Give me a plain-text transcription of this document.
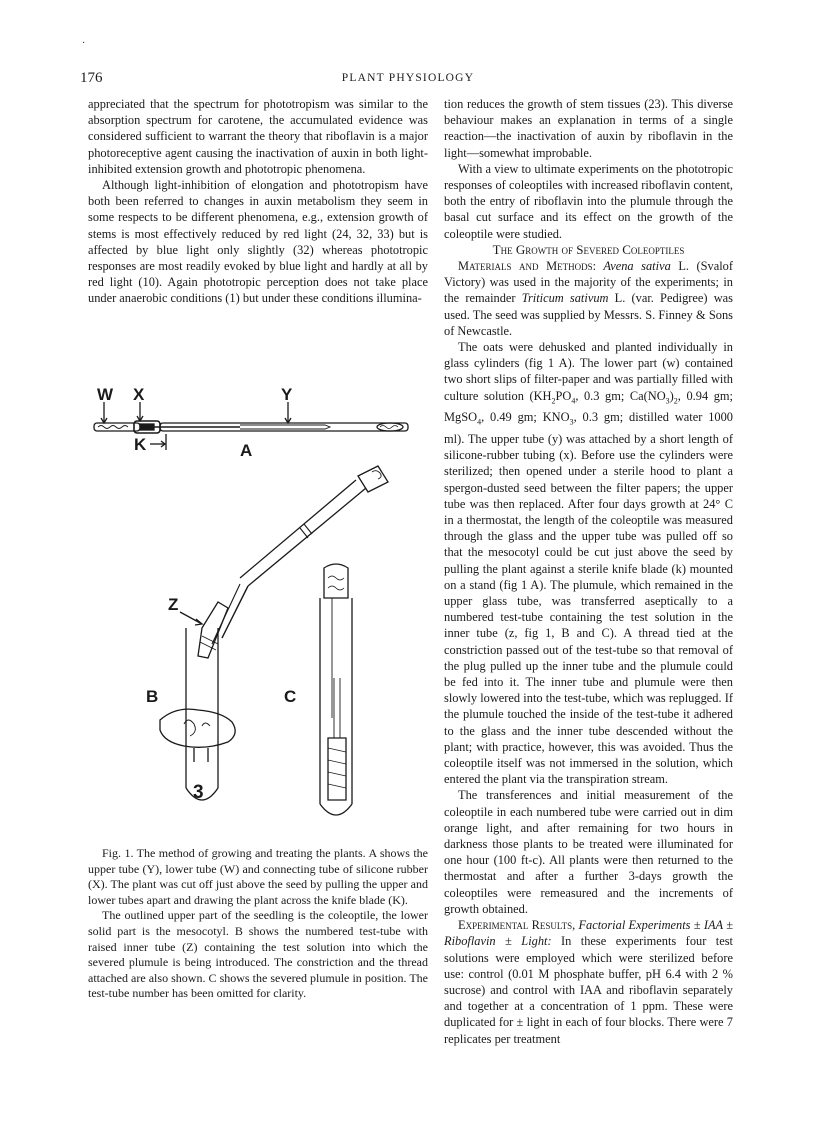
·
176	PLANT PHYSIOLOGY

appreciated that the spectrum for phototropism was similar to the absorption spectrum for carotene, the accumulated evidence was considered sufficient to warrant the theory that riboflavin is a major photoreceptive agent causing the inactivation of auxin in both light-inhibited extension growth and phototropic phenomena.

Although light-inhibition of elongation and phototropism have both been referred to changes in auxin metabolism they seem in some respects to be different phenomena, e.g., extension growth of stems is most effectively reduced by red light (24, 32, 33) but is affected by blue light only slightly (32) whereas phototropic responses are most readily evoked by blue light and hardly at all by red light (10). Again phototropic perception does not take place under anaerobic conditions (1) but under these conditions illumina-

W X	Y
K	A
Z
B	C
3

Fig. 1. The method of growing and treating the plants. A shows the upper tube (Y), lower tube (W) and connecting tube of silicone rubber (X). The plant was cut off just above the seed by pulling the upper and lower tubes apart and drawing the plant across the knife blade (K).

The outlined upper part of the seedling is the coleoptile, the lower solid part is the mesocotyl. B shows the numbered test-tube with raised inner tube (Z) containing the test solution into which the severed plumule is being introduced. The constriction and the thread attached are also shown. C shows the severed plumule in position. The test-tube number has been omitted for clarity.

tion reduces the growth of stem tissues (23). This diverse behaviour makes an explanation in terms of a single reaction—the inactivation of auxin by riboflavin in the light—somewhat improbable.

With a view to ultimate experiments on the phototropic responses of coleoptiles with increased riboflavin content, both the entry of riboflavin into the plumule through the basal cut surface and its effect on the growth of the coleoptile were studied.

The Growth of Severed Coleoptiles

Materials and Methods: Avena sativa L. (Svalof Victory) was used in the majority of the experiments; in the remainder Triticum sativum L. (var. Pedigree) was used. The seed was supplied by Messrs. S. Finney & Sons of Newcastle.

The oats were dehusked and planted individually in glass cylinders (fig 1 A). The lower part (w) contained two short slips of filter-paper and was partially filled with culture solution ($KH_2PO_4$, 0.3 gm; $Ca(NO_3)_2$, 0.94 gm; MgSO$_4$, 0.49 gm; $KNO_3$, 0.3 gm; distilled water 1000 ml). The upper tube (y) was attached by a short length of silicone-rubber tubing (x). Before use the cylinders were sterilized; then opened under a sterile hood to plant a spergon-dusted seed between the filter papers; the upper tube was then replaced. After four days growth at 24° C in a thermostat, the length of the coleoptile was measured through the glass and the upper tube was pulled off so that the mesocotyl could be cut just above the seed by pulling the plant against a sterile knife blade (k) mounted on a stand (fig 1 A). The plumule, which remained in the upper glass tube, was transferred aseptically to a numbered test-tube containing the test solution in the inner tube (z, fig 1, B and C). A thread tied at the constriction passed out of the test-tube so that removal of the plug pulled up the inner tube and the plumule could be fed into it. The inner tube and plumule were then slowly lowered into the test-tube, which was replugged. If the plumule touched the inside of the test-tube it adhered to the glass and the inner tube descended without the plant; with practice, however, this was avoided. Thus the coleoptile itself was not immersed in the solution, which entered the plant via the transpiration stream.

The transferences and initial measurement of the coleoptile in each numbered tube were carried out in dim orange light, and after remaining for two hours in darkness those plants to be treated were illuminated for one hour (100 ft-c). All plants were then returned to the thermostat and after a further 3-days growth the coleoptiles were remeasured and the increments of growth obtained.

Experimental Results, Factorial Experiments ± IAA ± Riboflavin ± Light: In these experiments four test solutions were employed which were sterilized before use: control (0.01 M phosphate buffer, pH 6.4 with 2 % sucrose) and control with IAA and riboflavin separately and together at a concentration of 1 ppm. These were duplicated for ± light in each of four blocks. There were 7 replicates per treatment
